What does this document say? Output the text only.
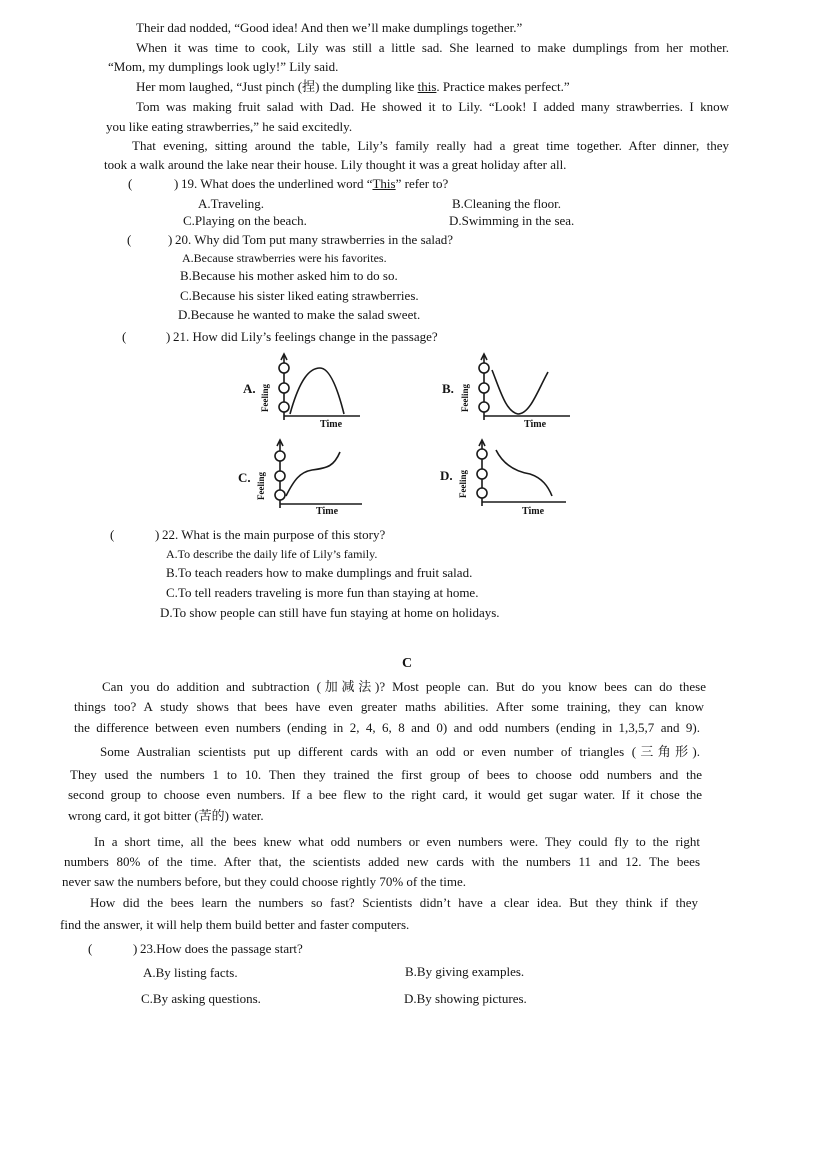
Their dad nodded, “Good idea! And then we’ll make dumplings together.”
When it was time to cook, Lily was still a little sad. She learned to make dumplings from her mother.
“Mom, my dumplings look ugly!” Lily said.
Her mom laughed, “Just pinch (捏) the dumpling like this. Practice makes perfect.”
Tom was making fruit salad with Dad. He showed it to Lily. “Look! I added many strawberries. I know
you like eating strawberries,” he said excitedly.
That evening, sitting around the table, Lily’s family really had a great time together. After dinner, they
took a walk around the lake near their house. Lily thought it was a great holiday after all.
(	) 19. What does the underlined word “This” refer to?
A.Traveling.	B.Cleaning the floor.
C.Playing on the beach.	D.Swimming in the sea.
(	) 20. Why did Tom put many strawberries in the salad?
A.Because strawberries were his favorites.
B.Because his mother asked him to do so.
C.Because his sister liked eating strawberries.
D.Because he wanted to make the salad sweet.
(	) 21. How did Lily’s feelings change in the passage?
A. Feeling
Time
B. Feeling
Time
C. Feeling
Time
D. Feeling
Time
(	) 22. What is the main purpose of this story?
A.To describe the daily life of Lily’s family.
B.To teach readers how to make dumplings and fruit salad.
C.To tell readers traveling is more fun than staying at home.
D.To show people can still have fun staying at home on holidays.
C
Can you do addition and subtraction (加减法)? Most people can. But do you know bees can do these
things too? A study shows that bees have even greater maths abilities. After some training, they can know
the difference between even numbers (ending in 2, 4, 6, 8 and 0) and odd numbers (ending in 1,3,5,7 and 9).
Some Australian scientists put up different cards with an odd or even number of triangles (三角形).
They used the numbers 1 to 10. Then they trained the first group of bees to choose odd numbers and the
second group to choose even numbers. If a bee flew to the right card, it would get sugar water. If it chose the
wrong card, it got bitter (苦的) water.
In a short time, all the bees knew what odd numbers or even numbers were. They could fly to the right
numbers 80% of the time. After that, the scientists added new cards with the numbers 11 and 12. The bees
never saw the numbers before, but they could choose rightly 70% of the time.
How did the bees learn the numbers so fast? Scientists didn’t have a clear idea. But they think if they
find the answer, it will help them build better and faster computers.
(	) 23.How does the passage start?
A.By listing facts.	B.By giving examples.
C.By asking questions.	D.By showing pictures.
